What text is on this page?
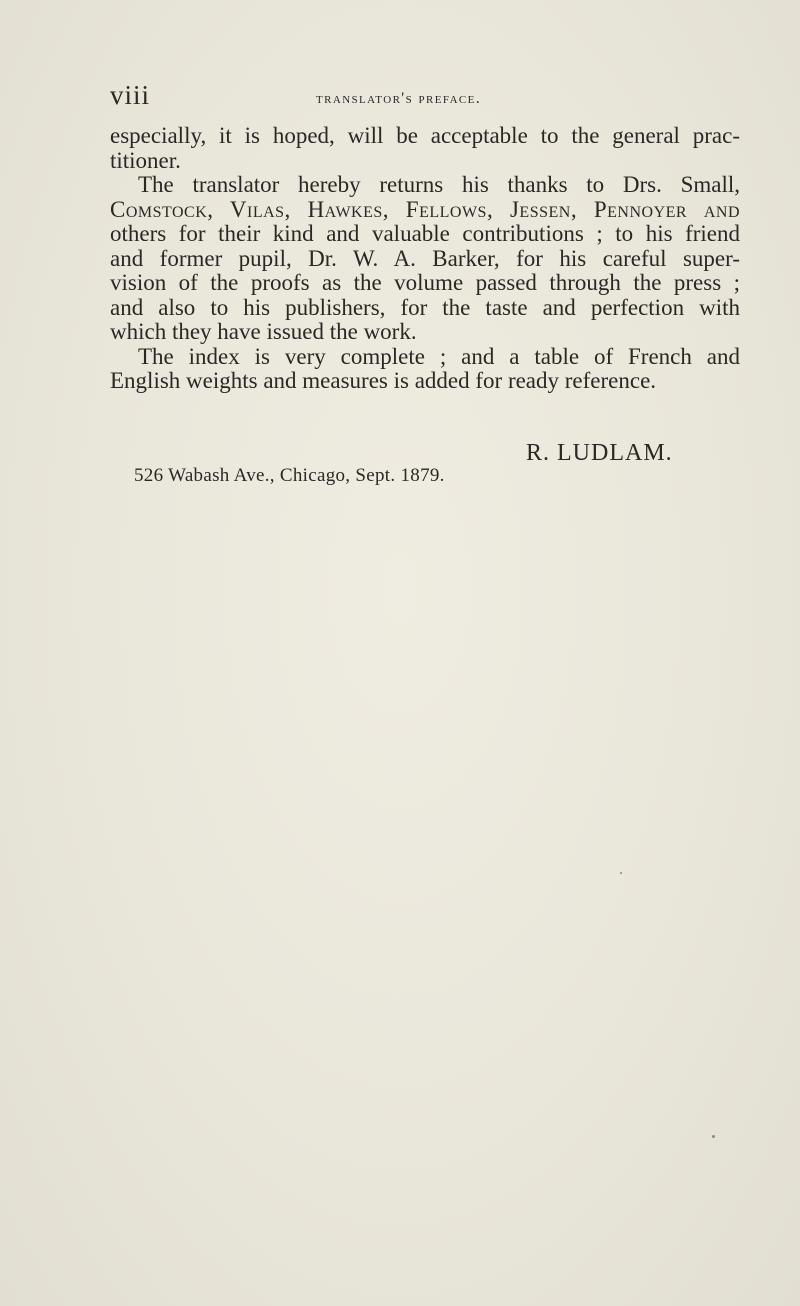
viii	translator's preface.
especially, it is hoped, will be acceptable to the general prac-
titioner.
The translator hereby returns his thanks to Drs. Small,
Comstock, Vilas, Hawkes, Fellows, Jessen, Pennoyer and
others for their kind and valuable contributions ; to his friend
and former pupil, Dr. W. A. Barker, for his careful super-
vision of the proofs as the volume passed through the press ;
and also to his publishers, for the taste and perfection with
which they have issued the work.
The index is very complete ; and a table of French and
English weights and measures is added for ready reference.
R. LUDLAM.
526 Wabash Ave., Chicago, Sept. 1879.
